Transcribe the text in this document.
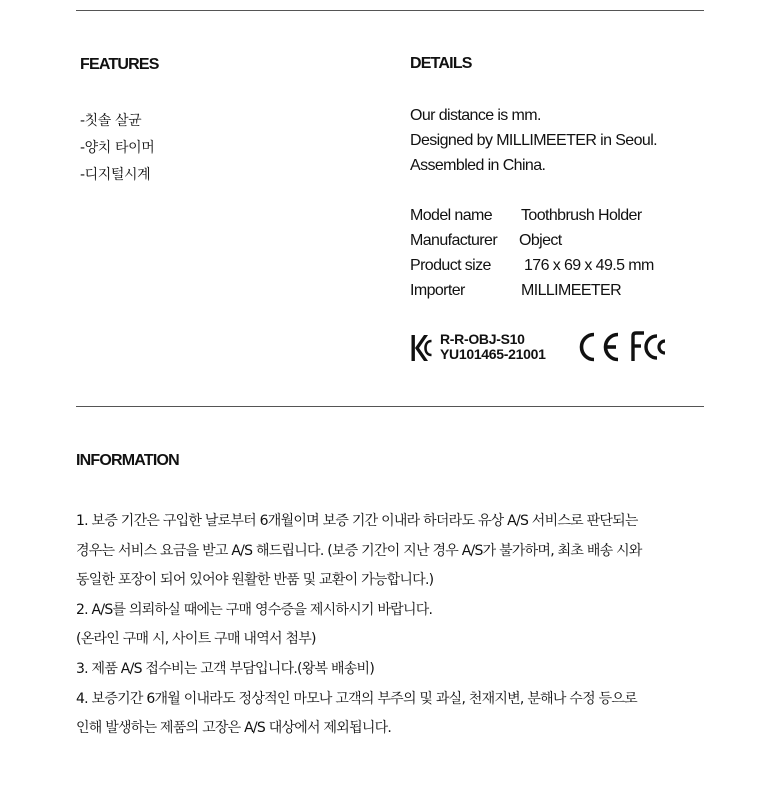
FEATURES
-칫솔 살균
-양치 타이머
-디지털시계
DETAILS
Our distance is mm.
Designed by MILLIMEETER in Seoul.
Assembled in China.
Model name Toothbrush Holder
Manufacturer Object
Product size 176 x 69 x 49.5 mm
Importer	MILLIMEETER
R-R-OBJ-S10
YU101465-21001
INFORMATION
1. 보증 기간은 구입한 날로부터 6개월이며 보증 기간 이내라 하더라도 유상 A/S 서비스로 판단되는
경우는 서비스 요금을 받고 A/S 해드립니다. (보증 기간이 지난 경우 A/S가 불가하며, 최초 배송 시와
동일한 포장이 되어 있어야 원활한 반품 및 교환이 가능합니다.)
2. A/S를 의뢰하실 때에는 구매 영수증을 제시하시기 바랍니다.
(온라인 구매 시, 사이트 구매 내역서 첨부)
3. 제품 A/S 접수비는 고객 부담입니다.(왕복 배송비)
4. 보증기간 6개월 이내라도 정상적인 마모나 고객의 부주의 및 과실, 천재지변, 분해나 수정 등으로
인해 발생하는 제품의 고장은 A/S 대상에서 제외됩니다.
